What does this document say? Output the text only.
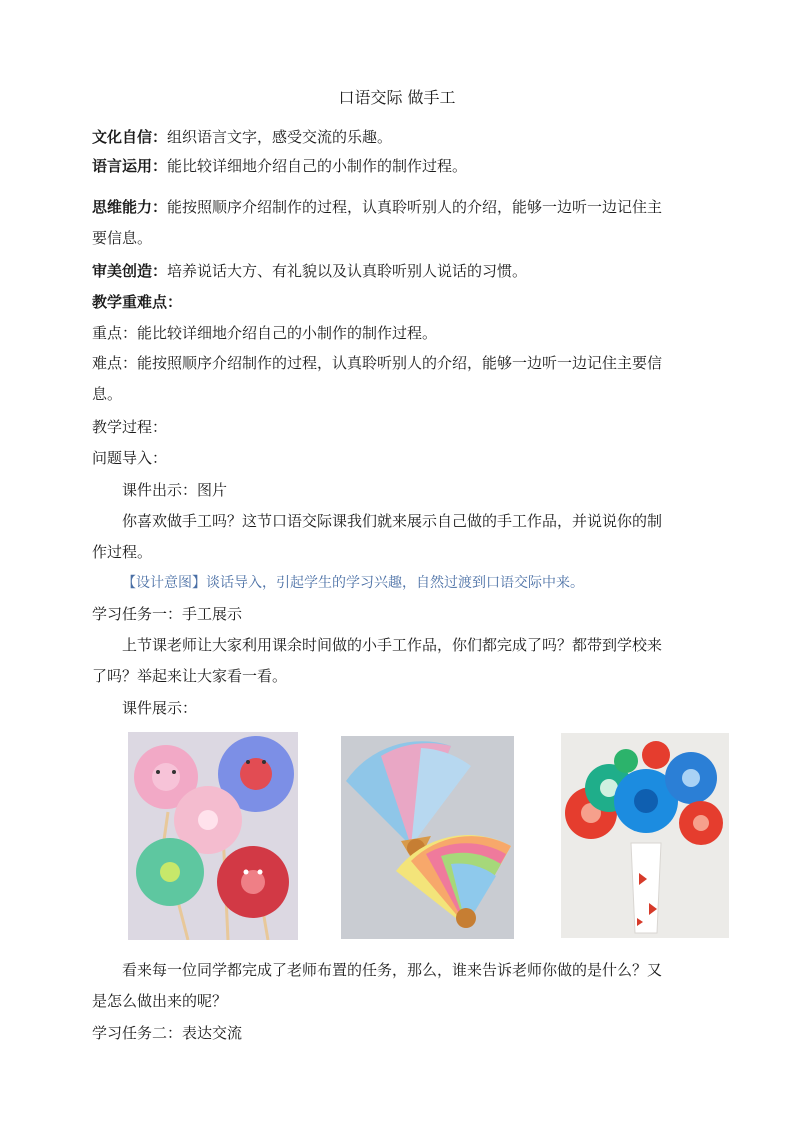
口语交际 做手工
文化自信：组织语言文字，感受交流的乐趣。
语言运用：能比较详细地介绍自己的小制作的制作过程。
思维能力：能按照顺序介绍制作的过程，认真聆听别人的介绍，能够一边听一边记住主
要信息。
审美创造：培养说话大方、有礼貌以及认真聆听别人说话的习惯。
教学重难点：
重点：能比较详细地介绍自己的小制作的制作过程。
难点：能按照顺序介绍制作的过程，认真聆听别人的介绍，能够一边听一边记住主要信
息。
教学过程：
问题导入：
课件出示：图片
你喜欢做手工吗？这节口语交际课我们就来展示自己做的手工作品，并说说你的制
作过程。
【设计意图】谈话导入，引起学生的学习兴趣，自然过渡到口语交际中来。
学习任务一：手工展示
上节课老师让大家利用课余时间做的小手工作品，你们都完成了吗？都带到学校来
了吗？举起来让大家看一看。
课件展示：
看来每一位同学都完成了老师布置的任务，那么，谁来告诉老师你做的是什么？又
是怎么做出来的呢？
学习任务二：表达交流
